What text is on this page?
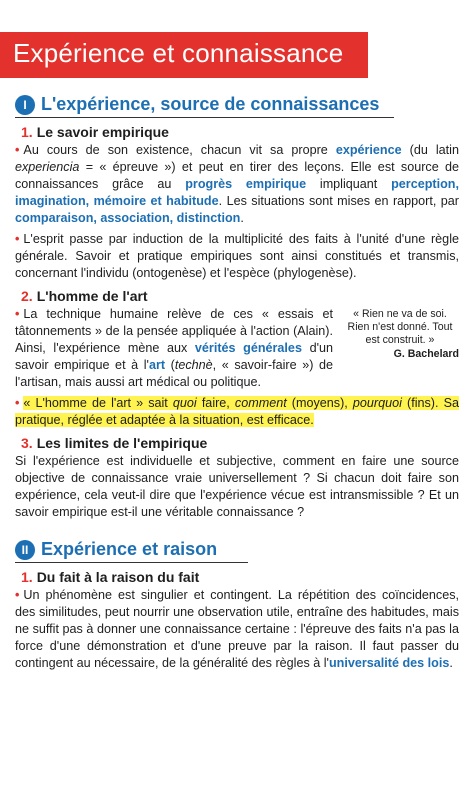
Expérience et connaissance
I L'expérience, source de connaissances
1. Le savoir empirique

• Au cours de son existence, chacun vit sa propre expérience (du latin experiencia = « épreuve ») et peut en tirer des leçons. Elle est source de connaissances grâce au progrès empirique impliquant perception, imagination, mémoire et habitude. Les situations sont mises en rapport, par comparaison, association, distinction.

• L'esprit passe par induction de la multiplicité des faits à l'unité d'une règle générale. Savoir et pratique empiriques sont ainsi constitués et transmis, concernant l'individu (ontogenèse) et l'espèce (phylogenèse).

2. L'homme de l'art
« Rien ne va de soi. Rien n'est donné. Tout est construit. »
G. Bachelard

• La technique humaine relève de ces « essais et tâtonnements » de la pensée appliquée à l'action (Alain). Ainsi, l'expérience mène aux vérités générales d'un savoir empirique et à l'art (technè, « savoir-faire ») de l'artisan, mais aussi art médical ou politique.

• « L'homme de l'art » sait quoi faire, comment (moyens), pourquoi (fins). Sa pratique, réglée et adaptée à la situation, est efficace.

3. Les limites de l'empirique

Si l'expérience est individuelle et subjective, comment en faire une source objective de connaissance vraie universellement ? Si chacun doit faire son expérience, cela veut-il dire que l'expérience vécue est intransmissible ? Et un savoir empirique est-il une véritable connaissance ?

II Expérience et raison
1. Du fait à la raison du fait

• Un phénomène est singulier et contingent. La répétition des coïncidences, des similitudes, peut nourrir une observation utile, entraîne des habitudes, mais ne suffit pas à donner une connaissance certaine : l'épreuve des faits n'a pas la force d'une démonstration et d'une preuve par la raison. Il faut passer du contingent au nécessaire, de la généralité des règles à l'universalité des lois.
